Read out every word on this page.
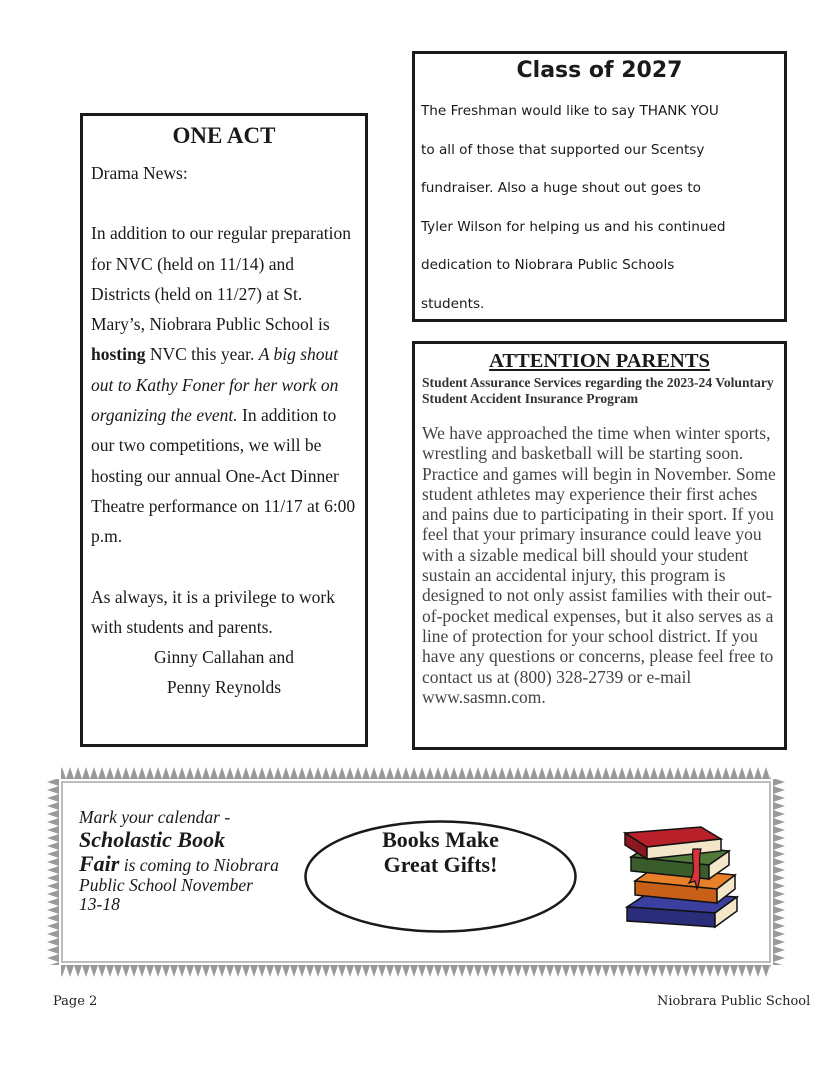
ONE ACT

Drama News:

In addition to our regular preparation for NVC (held on 11/14) and Districts (held on 11/27) at St. Mary’s, Niobrara Public School is hosting NVC this year. A big shout out to Kathy Foner for her work on organizing the event. In addition to our two competitions, we will be hosting our annual One-Act Dinner Theatre performance on 11/17 at 6:00 p.m.

As always, it is a privilege to work with students and parents.

Ginny Callahan and

Penny Reynolds

Class of 2027

The Freshman would like to say THANK YOU

to all of those that supported our Scentsy

fundraiser. Also a huge shout out goes to

Tyler Wilson for helping us and his continued

dedication to Niobrara Public Schools

students.

ATTENTION PARENTS
Student Assurance Services regarding the 2023-24 Voluntary Student Accident Insurance Program
We have approached the time when winter sports, wrestling and basketball will be starting soon. Practice and games will begin in November. Some student athletes may experience their first aches and pains due to participating in their sport. If you feel that your primary insurance could leave you with a sizable medical bill should your student sustain an accidental injury, this program is designed to not only assist families with their out-of-pocket medical expenses, but it also serves as a line of protection for your school district. If you have any questions or concerns, please feel free to contact us at (800) 328-2739 or e-mail www.sasmn.com.
Mark your calendar -
Scholastic Book
Fair is coming to Niobrara Public School November 13-18
Books Make
Great Gifts!
Page 2	Niobrara Public School
